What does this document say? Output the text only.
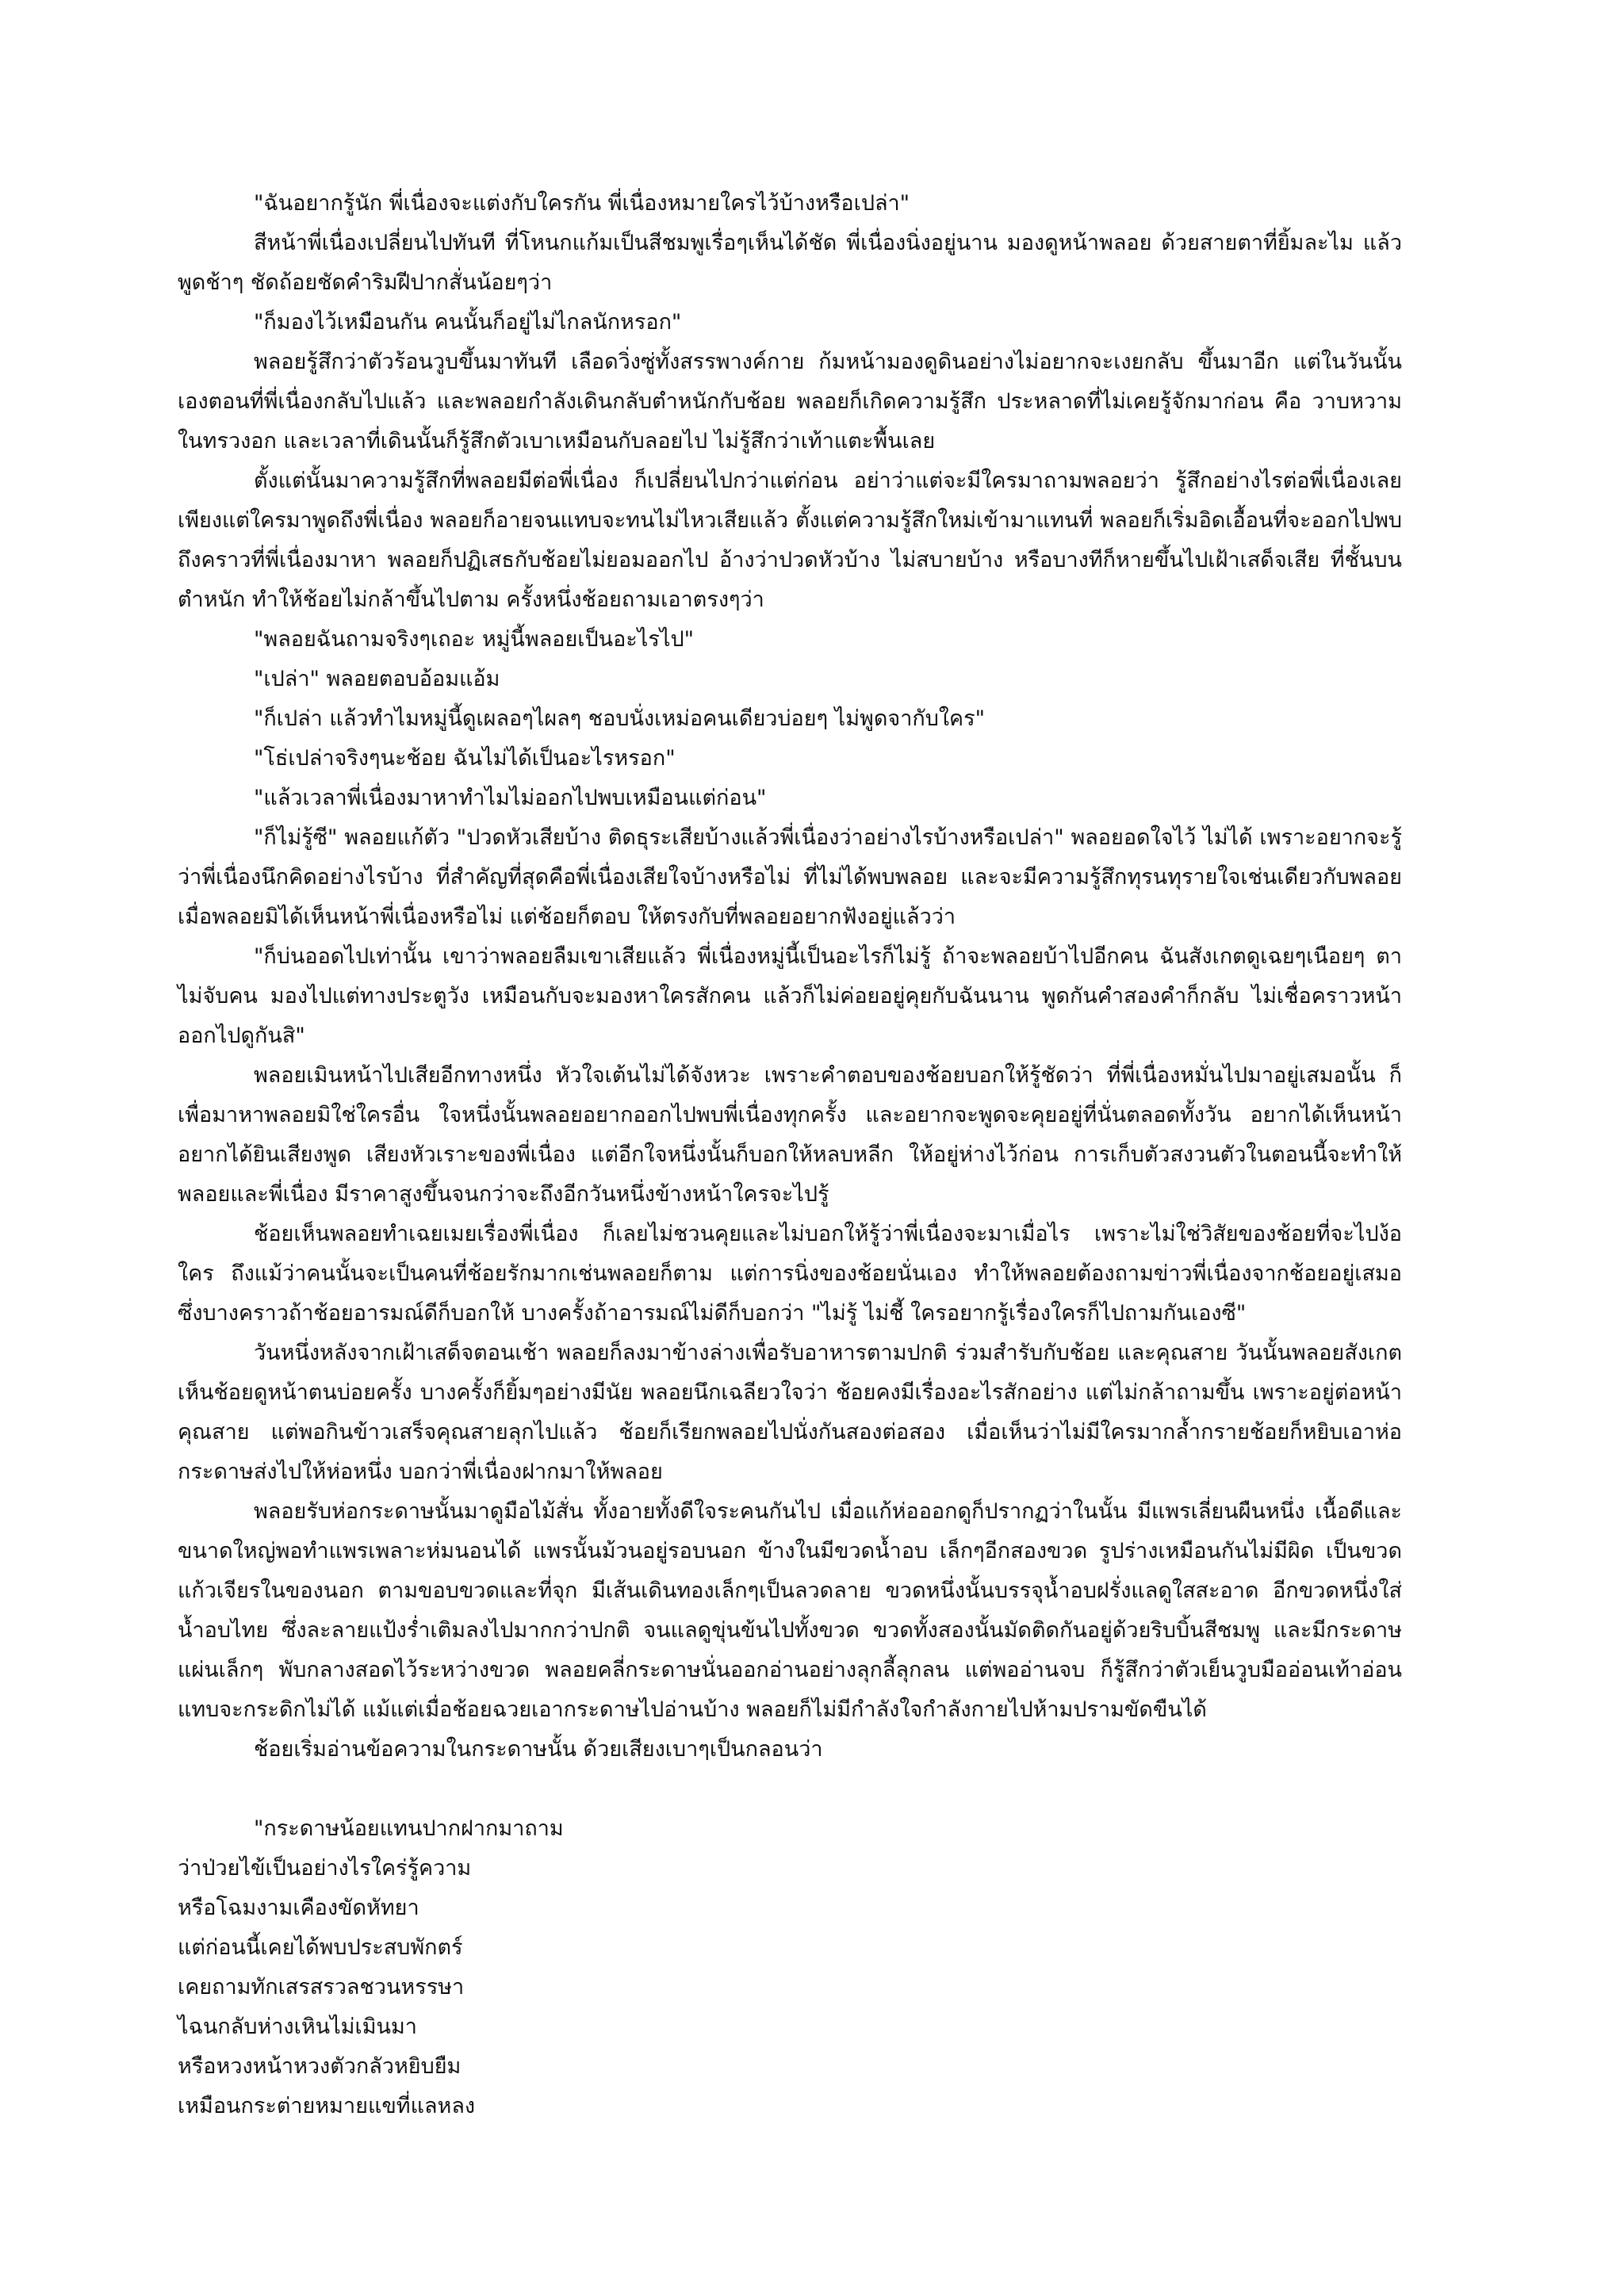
"ฉันอยากรู้นัก พี่เนื่องจะแต่งกับใครกัน พี่เนื่องหมายใครไว้บ้างหรือเปล่า"

สีหน้าพี่เนื่องเปลี่ยนไปทันที ที่โหนกแก้มเป็นสีชมพูเรื่อๆเห็นได้ชัด พี่เนื่องนิ่งอยู่นาน มองดูหน้าพลอย ด้วยสายตาที่ยิ้มละไม แล้วพูดช้าๆ ชัดถ้อยชัดคำริมฝีปากสั่นน้อยๆว่า

"ก็มองไว้เหมือนกัน คนนั้นก็อยู่ไม่ไกลนักหรอก"

พลอยรู้สึกว่าตัวร้อนวูบขึ้นมาทันที เลือดวิ่งซู่ทั้งสรรพางค์กาย ก้มหน้ามองดูดินอย่างไม่อยากจะเงยกลับ ขึ้นมาอีก แต่ในวันนั้นเองตอนที่พี่เนื่องกลับไปแล้ว และพลอยกำลังเดินกลับตำหนักกับช้อย พลอยก็เกิดความรู้สึก ประหลาดที่ไม่เคยรู้จักมาก่อน คือ วาบหวามในทรวงอก และเวลาที่เดินนั้นก็รู้สึกตัวเบาเหมือนกับลอยไป ไม่รู้สึกว่าเท้าแตะพื้นเลย

ตั้งแต่นั้นมาความรู้สึกที่พลอยมีต่อพี่เนื่อง ก็เปลี่ยนไปกว่าแต่ก่อน อย่าว่าแต่จะมีใครมาถามพลอยว่า รู้สึกอย่างไรต่อพี่เนื่องเลย เพียงแต่ใครมาพูดถึงพี่เนื่อง พลอยก็อายจนแทบจะทนไม่ไหวเสียแล้ว ตั้งแต่ความรู้สึกใหม่เข้ามาแทนที่ พลอยก็เริ่มอิดเอื้อนที่จะออกไปพบ ถึงคราวที่พี่เนื่องมาหา พลอยก็ปฏิเสธกับช้อยไม่ยอมออกไป อ้างว่าปวดหัวบ้าง ไม่สบายบ้าง หรือบางทีก็หายขึ้นไปเฝ้าเสด็จเสีย ที่ชั้นบนตำหนัก ทำให้ช้อยไม่กล้าขึ้นไปตาม ครั้งหนึ่งช้อยถามเอาตรงๆว่า

"พลอยฉันถามจริงๆเถอะ หมู่นี้พลอยเป็นอะไรไป"

"เปล่า" พลอยตอบอ้อมแอ้ม

"ก็เปล่า แล้วทำไมหมู่นี้ดูเผลอๆไผลๆ ชอบนั่งเหม่อคนเดียวบ่อยๆ ไม่พูดจากับใคร"

"โธ่เปล่าจริงๆนะช้อย ฉันไม่ได้เป็นอะไรหรอก"

"แล้วเวลาพี่เนื่องมาหาทำไมไม่ออกไปพบเหมือนแต่ก่อน"

"ก็ไม่รู้ซี" พลอยแก้ตัว "ปวดหัวเสียบ้าง ติดธุระเสียบ้างแล้วพี่เนื่องว่าอย่างไรบ้างหรือเปล่า" พลอยอดใจไว้ ไม่ได้ เพราะอยากจะรู้ว่าพี่เนื่องนึกคิดอย่างไรบ้าง ที่สำคัญที่สุดคือพี่เนื่องเสียใจบ้างหรือไม่ ที่ไม่ได้พบพลอย และจะมีความรู้สึกทุรนทุรายใจเช่นเดียวกับพลอย เมื่อพลอยมิได้เห็นหน้าพี่เนื่องหรือไม่ แต่ช้อยก็ตอบ ให้ตรงกับที่พลอยอยากฟังอยู่แล้วว่า

"ก็บ่นออดไปเท่านั้น เขาว่าพลอยลืมเขาเสียแล้ว พี่เนื่องหมู่นี้เป็นอะไรก็ไม่รู้ ถ้าจะพลอยบ้าไปอีกคน ฉันสังเกตดูเฉยๆเนือยๆ ตาไม่จับคน มองไปแต่ทางประตูวัง เหมือนกับจะมองหาใครสักคน แล้วก็ไม่ค่อยอยู่คุยกับฉันนาน พูดกันคำสองคำก็กลับ ไม่เชื่อคราวหน้าออกไปดูกันสิ"

พลอยเมินหน้าไปเสียอีกทางหนึ่ง หัวใจเต้นไม่ได้จังหวะ เพราะคำตอบของช้อยบอกให้รู้ชัดว่า ที่พี่เนื่องหมั่นไปมาอยู่เสมอนั้น ก็เพื่อมาหาพลอยมิใช่ใครอื่น ใจหนึ่งนั้นพลอยอยากออกไปพบพี่เนื่องทุกครั้ง และอยากจะพูดจะคุยอยู่ที่นั่นตลอดทั้งวัน อยากได้เห็นหน้าอยากได้ยินเสียงพูด เสียงหัวเราะของพี่เนื่อง แต่อีกใจหนึ่งนั้นก็บอกให้หลบหลีก ให้อยู่ห่างไว้ก่อน การเก็บตัวสงวนตัวในตอนนี้จะทำให้พลอยและพี่เนื่อง มีราคาสูงขึ้นจนกว่าจะถึงอีกวันหนึ่งข้างหน้าใครจะไปรู้

ช้อยเห็นพลอยทำเฉยเมยเรื่องพี่เนื่อง ก็เลยไม่ชวนคุยและไม่บอกให้รู้ว่าพี่เนื่องจะมาเมื่อไร เพราะไม่ใช่วิสัยของช้อยที่จะไปง้อใคร ถึงแม้ว่าคนนั้นจะเป็นคนที่ช้อยรักมากเช่นพลอยก็ตาม แต่การนิ่งของช้อยนั่นเอง ทำให้พลอยต้องถามข่าวพี่เนื่องจากช้อยอยู่เสมอ ซึ่งบางคราวถ้าช้อยอารมณ์ดีก็บอกให้ บางครั้งถ้าอารมณ์ไม่ดีก็บอกว่า "ไม่รู้ ไม่ชี้ ใครอยากรู้เรื่องใครก็ไปถามกันเองซี"

วันหนึ่งหลังจากเฝ้าเสด็จตอนเช้า พลอยก็ลงมาข้างล่างเพื่อรับอาหารตามปกติ ร่วมสำรับกับช้อย และคุณสาย วันนั้นพลอยสังเกตเห็นช้อยดูหน้าตนบ่อยครั้ง บางครั้งก็ยิ้มๆอย่างมีนัย พลอยนึกเฉลียวใจว่า ช้อยคงมีเรื่องอะไรสักอย่าง แต่ไม่กล้าถามขึ้น เพราะอยู่ต่อหน้าคุณสาย แต่พอกินข้าวเสร็จคุณสายลุกไปแล้ว ช้อยก็เรียกพลอยไปนั่งกันสองต่อสอง เมื่อเห็นว่าไม่มีใครมากล้ำกรายช้อยก็หยิบเอาห่อกระดาษส่งไปให้ห่อหนึ่ง บอกว่าพี่เนื่องฝากมาให้พลอย

พลอยรับห่อกระดาษนั้นมาดูมือไม้สั่น ทั้งอายทั้งดีใจระคนกันไป เมื่อแก้ห่อออกดูก็ปรากฏว่าในนั้น มีแพรเลี่ยนผืนหนึ่ง เนื้อดีและขนาดใหญ่พอทำแพรเพลาะห่มนอนได้ แพรนั้นม้วนอยู่รอบนอก ข้างในมีขวดน้ำอบ เล็กๆอีกสองขวด รูปร่างเหมือนกันไม่มีผิด เป็นขวดแก้วเจียรในของนอก ตามขอบขวดและที่จุก มีเส้นเดินทองเล็กๆเป็นลวดลาย ขวดหนึ่งนั้นบรรจุน้ำอบฝรั่งแลดูใสสะอาด อีกขวดหนึ่งใส่น้ำอบไทย ซึ่งละลายแป้งร่ำเติมลงไปมากกว่าปกติ จนแลดูขุ่นข้นไปทั้งขวด ขวดทั้งสองนั้นมัดติดกันอยู่ด้วยริบบิ้นสีชมพู และมีกระดาษแผ่นเล็กๆ พับกลางสอดไว้ระหว่างขวด พลอยคลี่กระดาษนั่นออกอ่านอย่างลุกลี้ลุกลน แต่พออ่านจบ ก็รู้สึกว่าตัวเย็นวูบมืออ่อนเท้าอ่อน แทบจะกระดิกไม่ได้ แม้แต่เมื่อช้อยฉวยเอากระดาษไปอ่านบ้าง พลอยก็ไม่มีกำลังใจกำลังกายไปห้ามปรามขัดขืนได้

ช้อยเริ่มอ่านข้อความในกระดาษนั้น ด้วยเสียงเบาๆเป็นกลอนว่า

"กระดาษน้อยแทนปากฝากมาถาม

ว่าป่วยไข้เป็นอย่างไรใคร่รู้ความ

หรือโฉมงามเคืองขัดหัทยา

แต่ก่อนนี้เคยได้พบประสบพักตร์

เคยถามทักเสรสรวลชวนหรรษา

ไฉนกลับห่างเหินไม่เมินมา

หรือหวงหน้าหวงตัวกลัวหยิบยืม

เหมือนกระต่ายหมายแขที่แลหลง
